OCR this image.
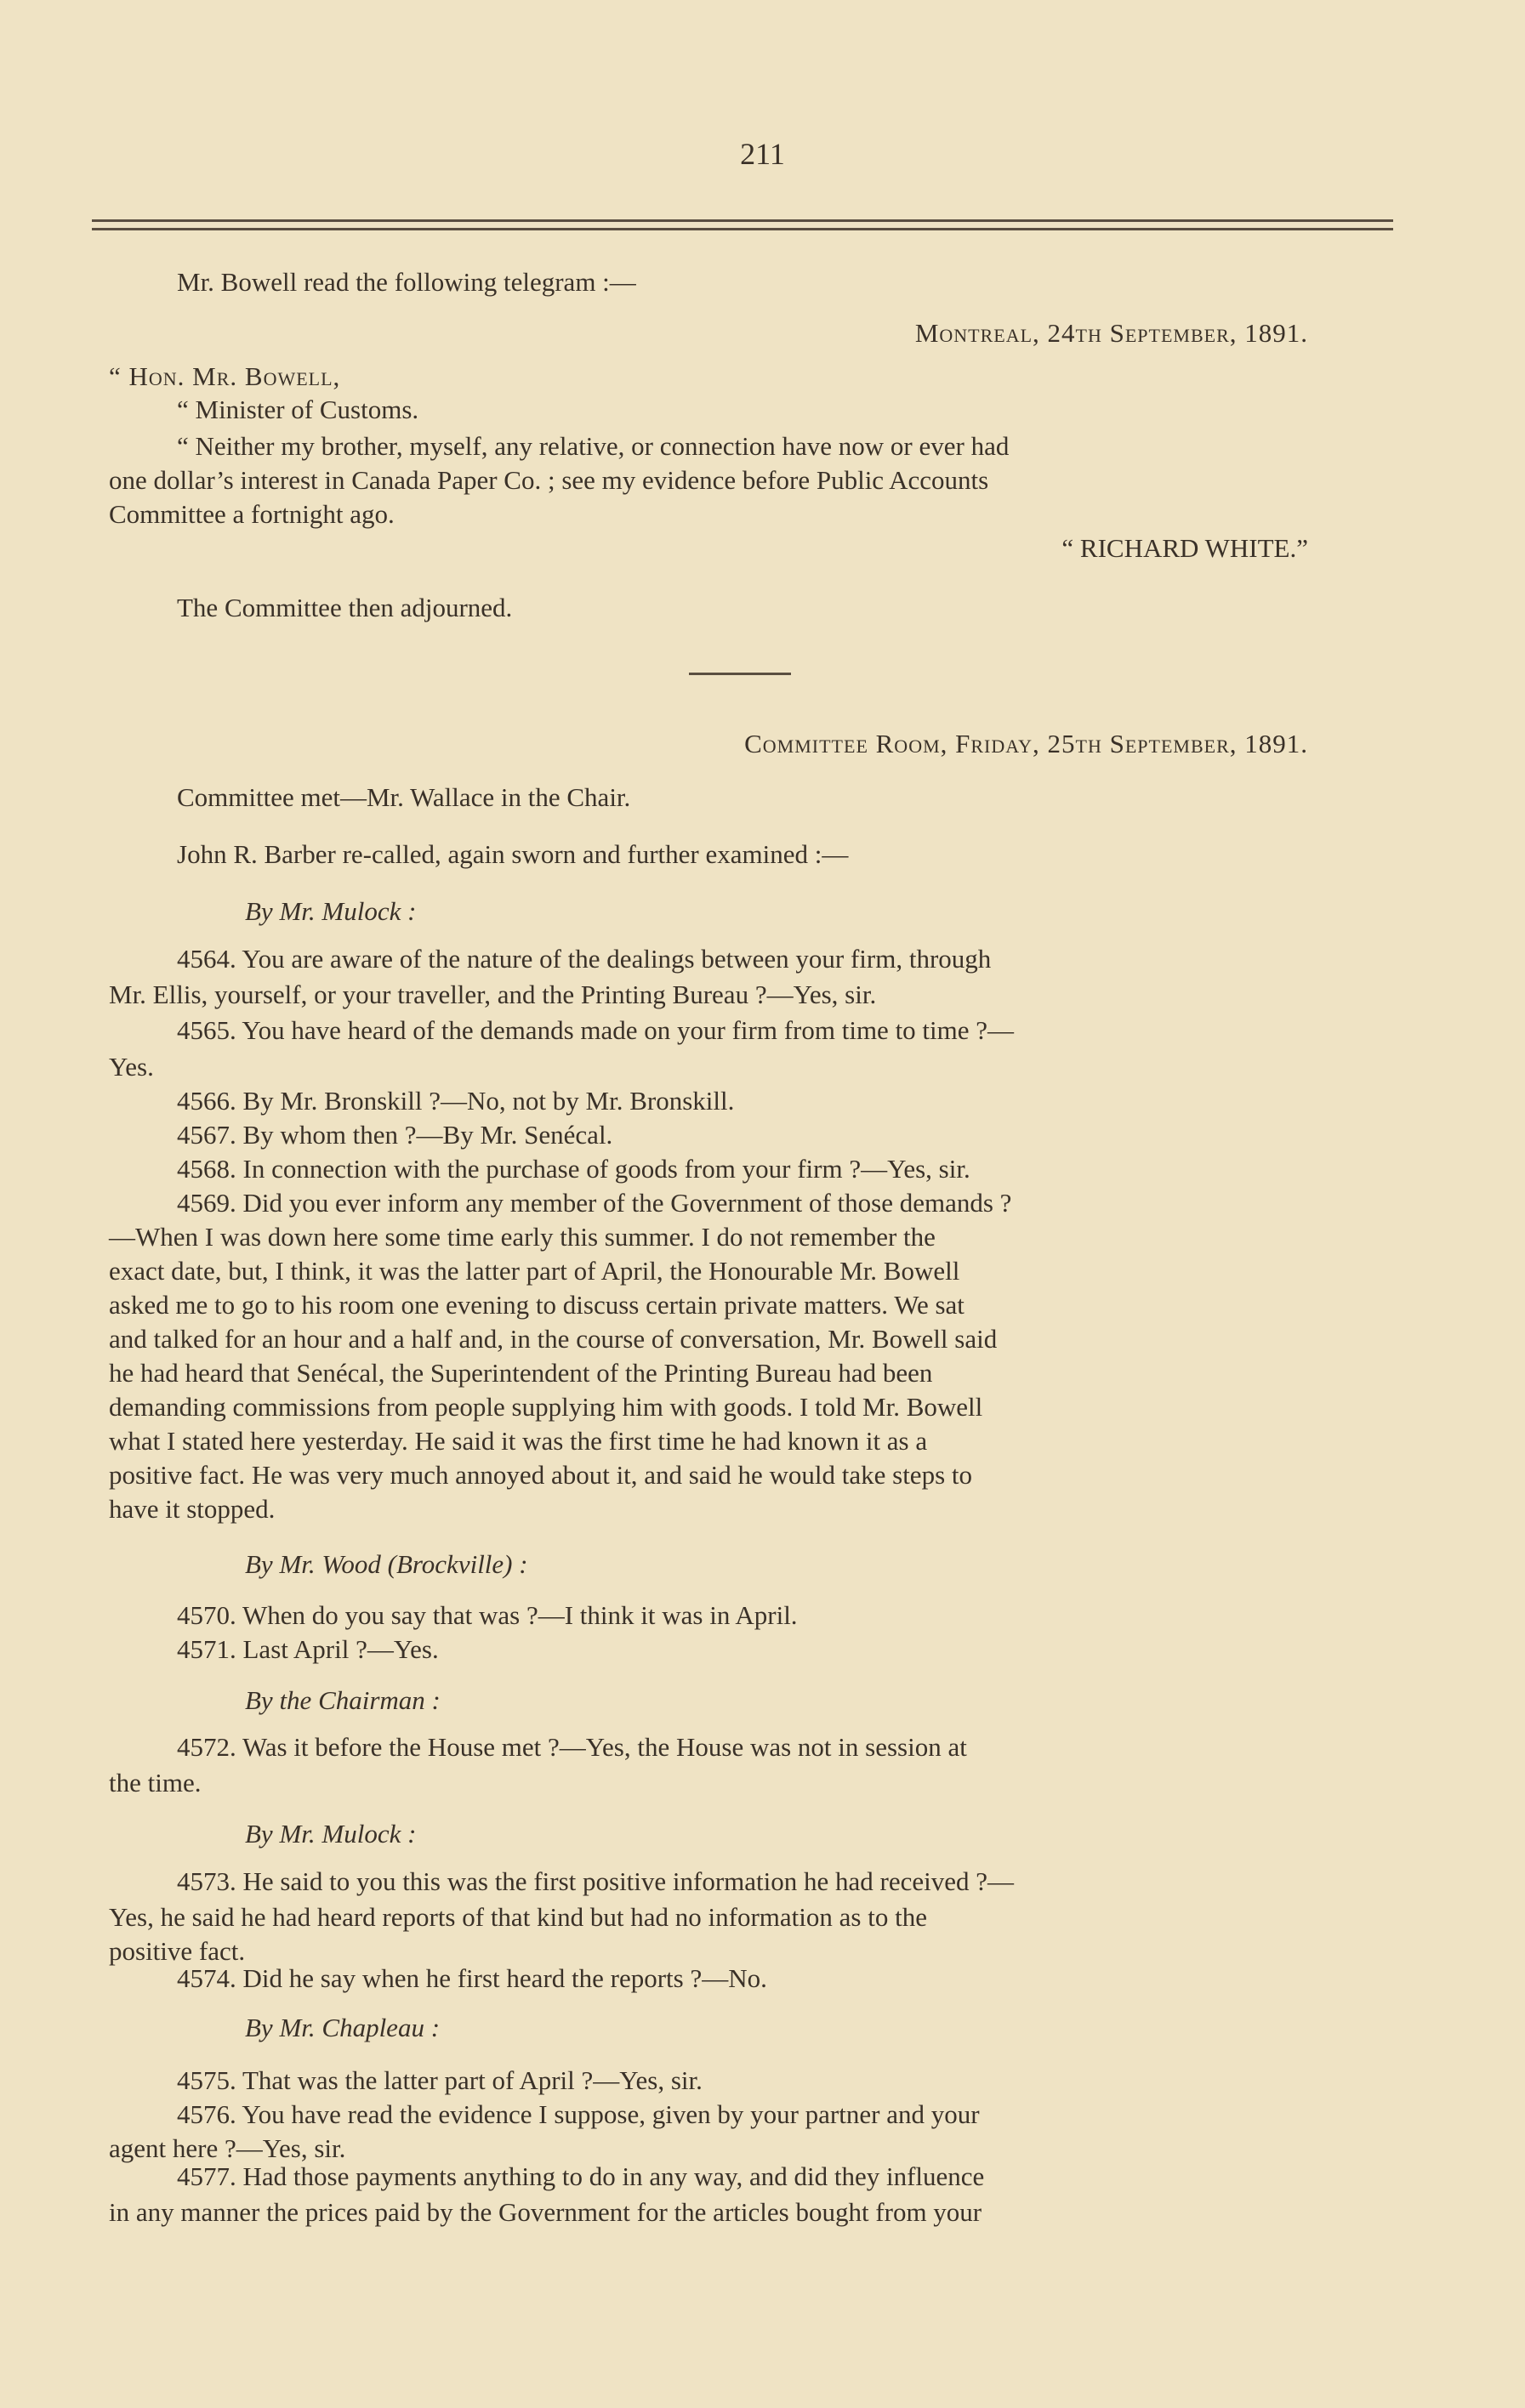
211
Mr. Bowell read the following telegram :—
Montreal, 24th September, 1891.
“ Hon. Mr. Bowell,
“ Minister of Customs.
“ Neither my brother, myself, any relative, or connection have now or ever had
one dollar’s interest in Canada Paper Co. ; see my evidence before Public Accounts
Committee a fortnight ago.
“ RICHARD WHITE.”
The Committee then adjourned.
Committee Room, Friday, 25th September, 1891.
Committee met—Mr. Wallace in the Chair.
John R. Barber re-called, again sworn and further examined :—
By Mr. Mulock :
4564. You are aware of the nature of the dealings between your firm, through
Mr. Ellis, yourself, or your traveller, and the Printing Bureau ?—Yes, sir.
4565. You have heard of the demands made on your firm from time to time ?—
Yes.
4566. By Mr. Bronskill ?—No, not by Mr. Bronskill.
4567. By whom then ?—By Mr. Senécal.
4568. In connection with the purchase of goods from your firm ?—Yes, sir.
4569. Did you ever inform any member of the Government of those demands ?
—When I was down here some time early this summer. I do not remember the
exact date, but, I think, it was the latter part of April, the Honourable Mr. Bowell
asked me to go to his room one evening to discuss certain private matters. We sat
and talked for an hour and a half and, in the course of conversation, Mr. Bowell said
he had heard that Senécal, the Superintendent of the Printing Bureau had been
demanding commissions from people supplying him with goods. I told Mr. Bowell
what I stated here yesterday. He said it was the first time he had known it as a
positive fact. He was very much annoyed about it, and said he would take steps to
have it stopped.
By Mr. Wood (Brockville) :
4570. When do you say that was ?—I think it was in April.
4571. Last April ?—Yes.
By the Chairman :
4572. Was it before the House met ?—Yes, the House was not in session at
the time.
By Mr. Mulock :
4573. He said to you this was the first positive information he had received ?—
Yes, he said he had heard reports of that kind but had no information as to the
positive fact.
4574. Did he say when he first heard the reports ?—No.
By Mr. Chapleau :
4575. That was the latter part of April ?—Yes, sir.
4576. You have read the evidence I suppose, given by your partner and your
agent here ?—Yes, sir.
4577. Had those payments anything to do in any way, and did they influence
in any manner the prices paid by the Government for the articles bought from your
